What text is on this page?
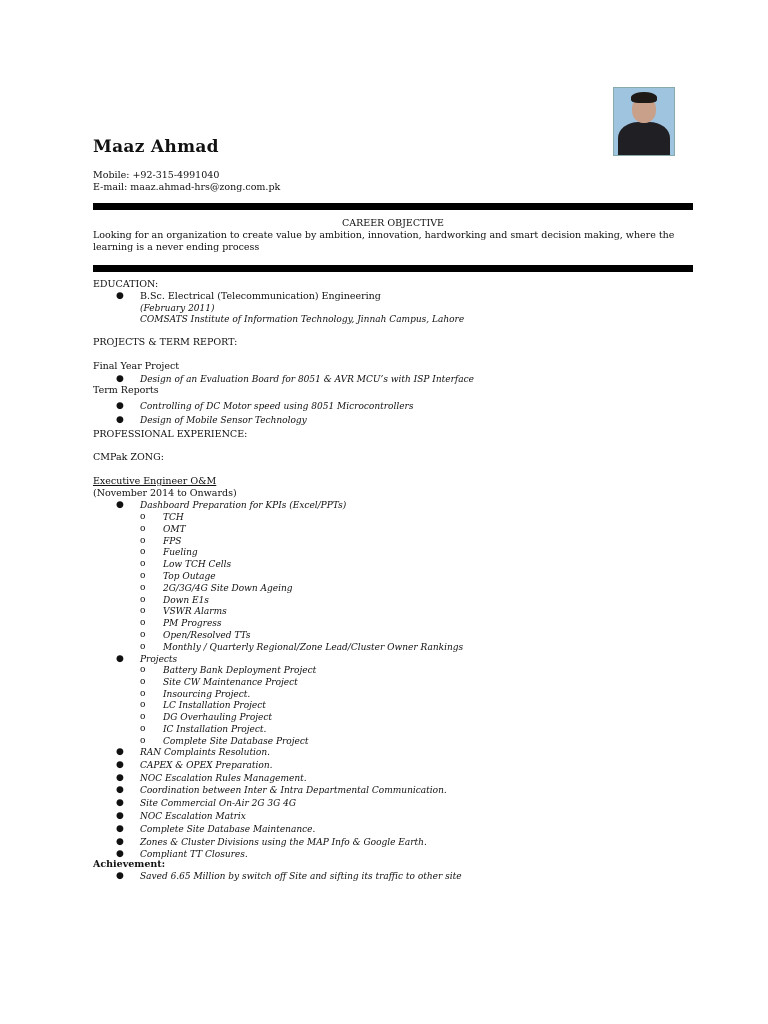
Maaz Ahmad
Mobile: +92-315-4991040
E-mail: maaz.ahmad-hrs@zong.com.pk
CAREER OBJECTIVE
Looking for an organization to create value by ambition, innovation, hardworking and smart decision making, where the learning is a never ending process
EDUCATION:
● B.Sc. Electrical (Telecommunication) Engineering
(February 2011)
COMSATS Institute of Information Technology, Jinnah Campus, Lahore
PROJECTS & TERM REPORT:
Final Year Project
● Design of an Evaluation Board for 8051 & AVR MCU’s with ISP Interface
Term Reports
● Controlling of DC Motor speed using 8051 Microcontrollers
● Design of Mobile Sensor Technology
PROFESSIONAL EXPERIENCE:
CMPak ZONG:
Executive Engineer O&M
(November 2014 to Onwards)
● Dashboard Preparation for KPIs (Excel/PPTs)
o TCH
o OMT
o FPS
o Fueling
o Low TCH Cells
o Top Outage
o 2G/3G/4G Site Down Ageing
o Down E1s
o VSWR Alarms
o PM Progress
o Open/Resolved TTs
o Monthly / Quarterly Regional/Zone Lead/Cluster Owner Rankings
● Projects
o Battery Bank Deployment Project
o Site CW Maintenance Project
o Insourcing Project.
o LC Installation Project
o DG Overhauling Project
o IC Installation Project.
o Complete Site Database Project
● RAN Complaints Resolution.
● CAPEX & OPEX Preparation.
● NOC Escalation Rules Management.
● Coordination between Inter & Intra Departmental Communication.
● Site Commercial On-Air 2G 3G 4G
● NOC Escalation Matrix
● Complete Site Database Maintenance.
● Zones & Cluster Divisions using the MAP Info & Google Earth.
● Compliant TT Closures.
Achievement:
● Saved 6.65 Million by switch off Site and sifting its traffic to other site
